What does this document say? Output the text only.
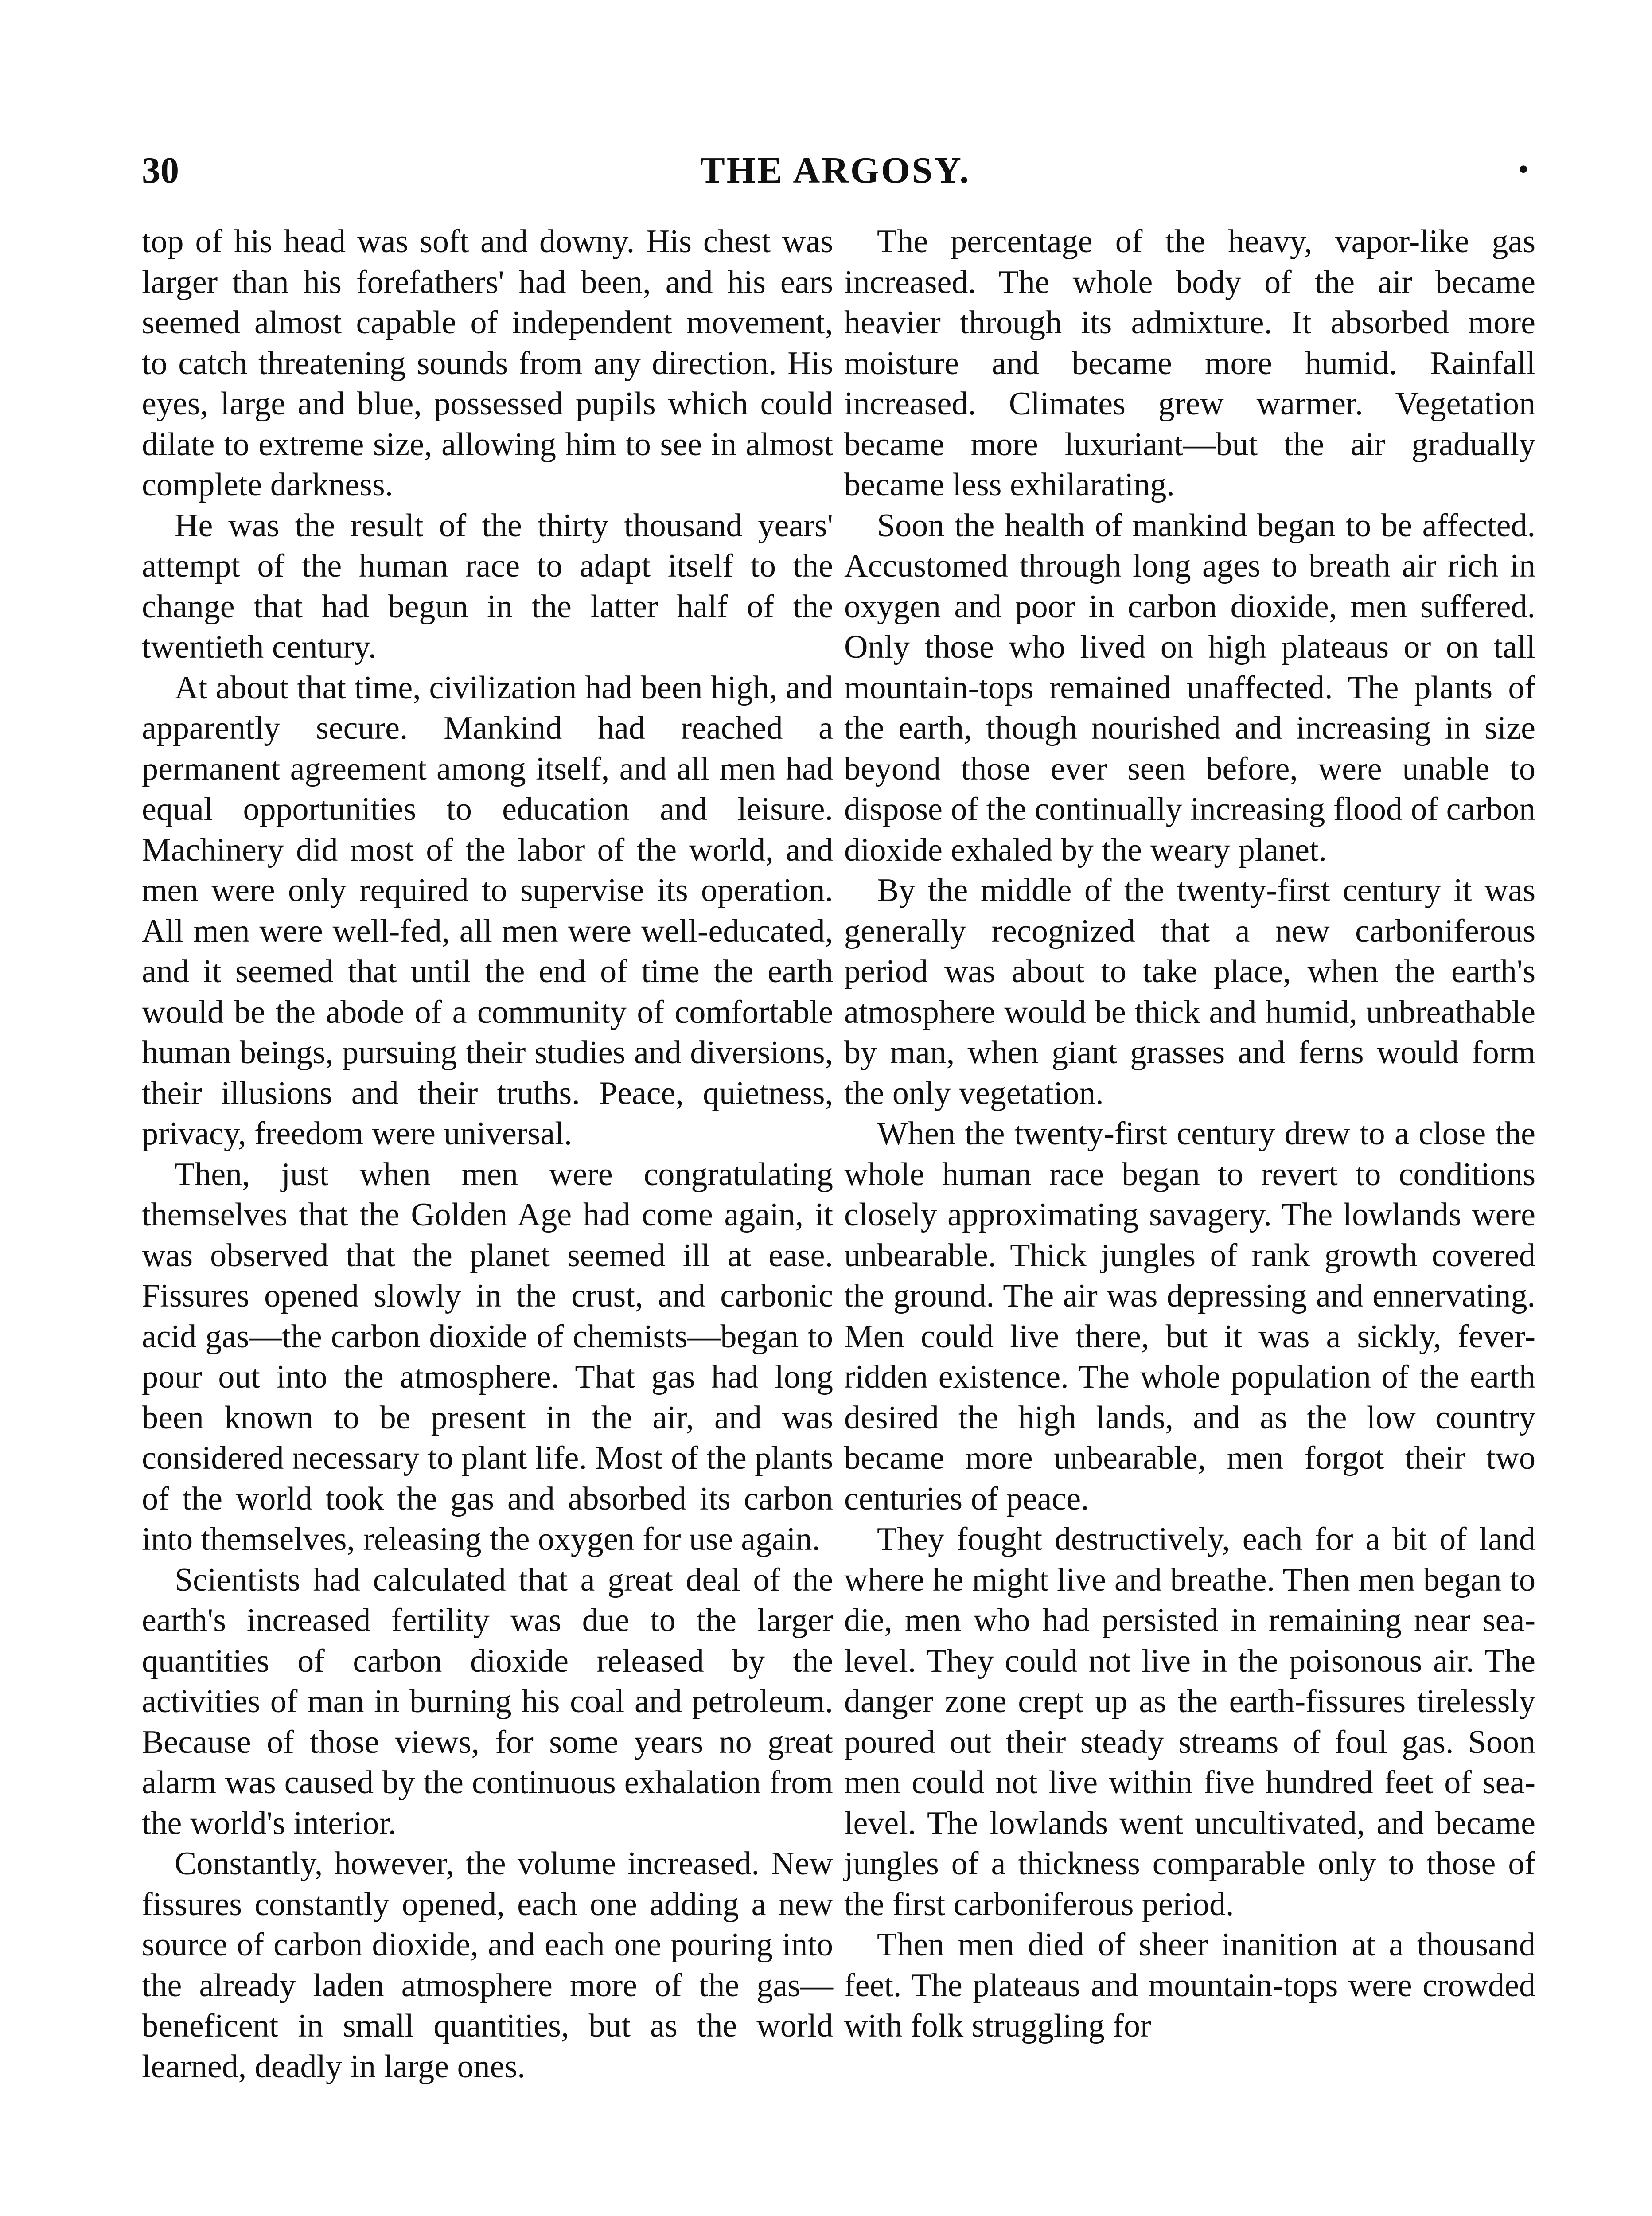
30	THE ARGOSY.	•

top of his head was soft and downy. His chest was larger than his forefathers' had been, and his ears seemed almost capable of independent movement, to catch threatening sounds from any direction. His eyes, large and blue, possessed pupils which could dilate to extreme size, allowing him to see in almost complete darkness.

He was the result of the thirty thousand years' attempt of the human race to adapt itself to the change that had begun in the latter half of the twentieth century.

At about that time, civilization had been high, and apparently secure. Mankind had reached a permanent agreement among itself, and all men had equal opportunities to education and leisure. Machinery did most of the labor of the world, and men were only required to supervise its operation. All men were well-fed, all men were well-educated, and it seemed that until the end of time the earth would be the abode of a community of comfortable human beings, pursuing their studies and diversions, their illusions and their truths. Peace, quietness, privacy, freedom were universal.

Then, just when men were congratulating themselves that the Golden Age had come again, it was observed that the planet seemed ill at ease. Fissures opened slowly in the crust, and carbonic acid gas—the carbon dioxide of chemists—began to pour out into the atmosphere. That gas had long been known to be present in the air, and was considered necessary to plant life. Most of the plants of the world took the gas and absorbed its carbon into themselves, releasing the oxygen for use again.

Scientists had calculated that a great deal of the earth's increased fertility was due to the larger quantities of carbon dioxide released by the activities of man in burning his coal and petroleum. Because of those views, for some years no great alarm was caused by the continuous exhalation from the world's interior.

Constantly, however, the volume increased. New fissures constantly opened, each one adding a new source of carbon dioxide, and each one pouring into the already laden atmosphere more of the gas—beneficent in small quantities, but as the world learned, deadly in large ones.

The percentage of the heavy, vapor-like gas increased. The whole body of the air became heavier through its admixture. It absorbed more moisture and became more humid. Rainfall increased. Climates grew warmer. Vegetation became more luxuriant—but the air gradually became less exhilarating.

Soon the health of mankind began to be affected. Accustomed through long ages to breath air rich in oxygen and poor in carbon dioxide, men suffered. Only those who lived on high plateaus or on tall mountain-tops remained unaffected. The plants of the earth, though nourished and increasing in size beyond those ever seen before, were unable to dispose of the continually increasing flood of carbon dioxide exhaled by the weary planet.

By the middle of the twenty-first century it was generally recognized that a new carboniferous period was about to take place, when the earth's atmosphere would be thick and humid, unbreathable by man, when giant grasses and ferns would form the only vegetation.

When the twenty-first century drew to a close the whole human race began to revert to conditions closely approximating savagery. The lowlands were unbearable. Thick jungles of rank growth covered the ground. The air was depressing and ennervating. Men could live there, but it was a sickly, fever-ridden existence. The whole population of the earth desired the high lands, and as the low country became more unbearable, men forgot their two centuries of peace.

They fought destructively, each for a bit of land where he might live and breathe. Then men began to die, men who had persisted in remaining near sea-level. They could not live in the poisonous air. The danger zone crept up as the earth-fissures tirelessly poured out their steady streams of foul gas. Soon men could not live within five hundred feet of sea-level. The lowlands went uncultivated, and became jungles of a thickness comparable only to those of the first carboniferous period.

Then men died of sheer inanition at a thousand feet. The plateaus and mountain-tops were crowded with folk struggling for
